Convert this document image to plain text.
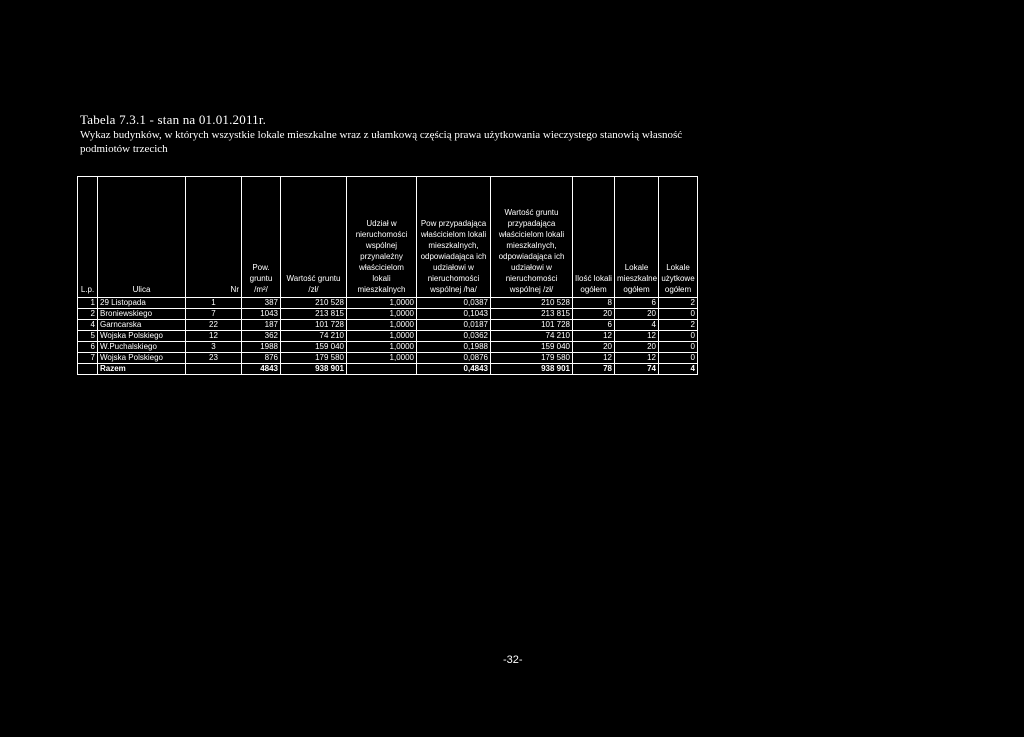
Tabela 7.3.1 - stan na 01.01.2011r.
Wykaz budynków, w których wszystkie lokale mieszkalne wraz z ułamkową częścią prawa użytkowania wieczystego stanowią własność podmiotów trzecich
L.p.	Ulica	Nr	Pow. gruntu /m²/	Wartość gruntu /zł/	Udział w nieruchomości wspólnej przynależny właścicielom lokali mieszkalnych	Pow przypadająca właścicielom lokali mieszkalnych, odpowiadająca ich udziałowi w nieruchomości wspólnej /ha/	Wartość gruntu przypadająca właścicielom lokali mieszkalnych, odpowiadająca ich udziałowi w nieruchomości wspólnej /zł/	Ilość lokali ogółem	Lokale mieszkalne ogółem	Lokale użytkowe ogółem
1	29 Listopada	1	387	210 528	1,0000	0,0387	210 528	8	6	2
2	Broniewskiego	7	1043	213 815	1,0000	0,1043	213 815	20	20	0
4	Garncarska	22	187	101 728	1,0000	0,0187	101 728	6	4	2
5	Wojska Polskiego	12	362	74 210	1,0000	0,0362	74 210	12	12	0
6	W.Puchalskiego	3	1988	159 040	1,0000	0,1988	159 040	20	20	0
7	Wojska Polskiego	23	876	179 580	1,0000	0,0876	179 580	12	12	0
	Razem		4843	938 901		0,4843	938 901	78	74	4
-32-
